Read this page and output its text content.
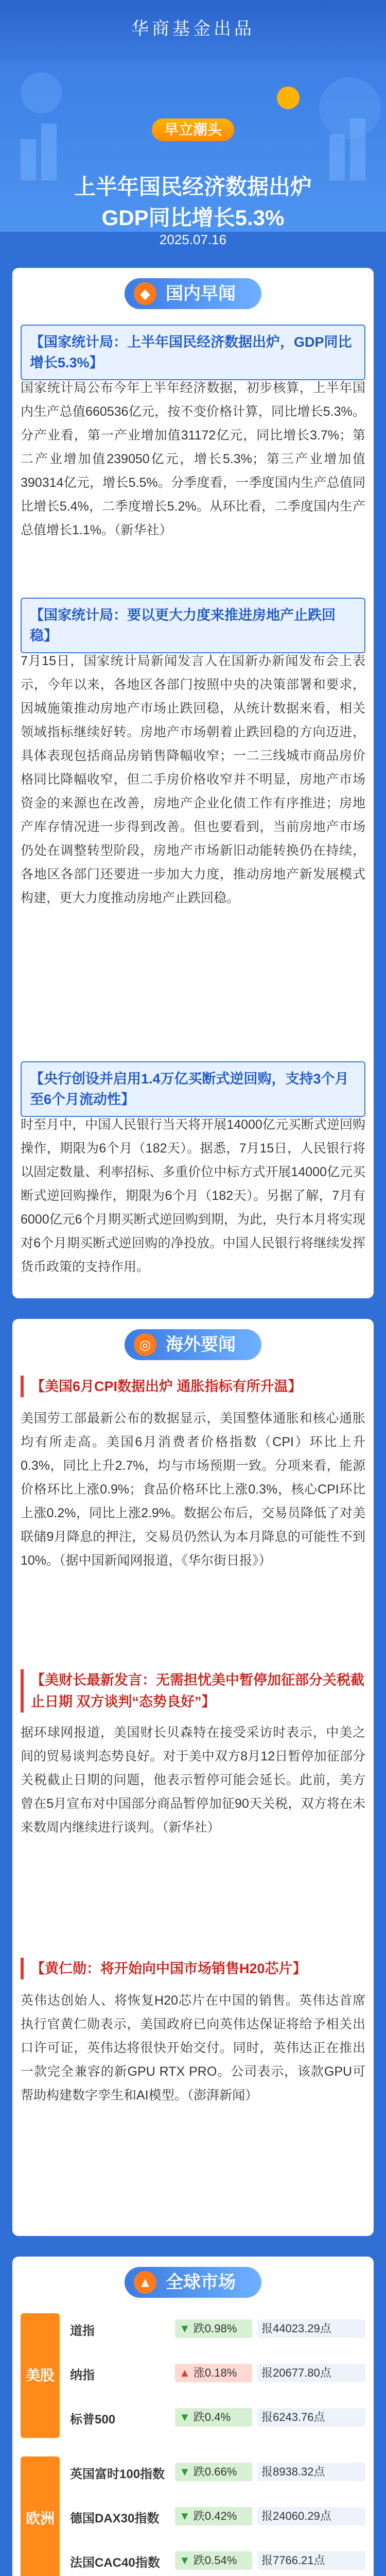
华商基金出品
早立潮头
上半年国民经济数据出炉
GDP同比增长5.3%
2025.07.16
◆ 国内早闻
【国家统计局：上半年国民经济数据出炉，GDP同比增长5.3%】
国家统计局公布今年上半年经济数据，初步核算，上半年国内生产总值660536亿元，按不变价格计算，同比增长5.3%。分产业看，第一产业增加值31172亿元，同比增长3.7%；第二产业增加值239050亿元，增长5.3%；第三产业增加值390314亿元，增长5.5%。分季度看，一季度国内生产总值同比增长5.4%，二季度增长5.2%。从环比看，二季度国内生产总值增长1.1%。（新华社）
【国家统计局：要以更大力度来推进房地产止跌回稳】
7月15日，国家统计局新闻发言人在国新办新闻发布会上表示，今年以来，各地区各部门按照中央的决策部署和要求，因城施策推动房地产市场止跌回稳，从统计数据来看，相关领域指标继续好转。房地产市场朝着止跌回稳的方向迈进，具体表现包括商品房销售降幅收窄；一二三线城市商品房价格同比降幅收窄，但二手房价格收窄并不明显，房地产市场资金的来源也在改善，房地产企业化债工作有序推进；房地产库存情况进一步得到改善。但也要看到，当前房地产市场仍处在调整转型阶段，房地产市场新旧动能转换仍在持续，各地区各部门还要进一步加大力度，推动房地产新发展模式构建，更大力度推动房地产止跌回稳。
【央行创设并启用1.4万亿买断式逆回购，支持3个月至6个月流动性】
时至月中，中国人民银行当天将开展14000亿元买断式逆回购操作，期限为6个月（182天）。据悉，7月15日，人民银行将以固定数量、利率招标、多重价位中标方式开展14000亿元买断式逆回购操作，期限为6个月（182天）。另据了解，7月有6000亿元6个月期买断式逆回购到期，为此，央行本月将实现对6个月期买断式逆回购的净投放。中国人民银行将继续发挥货币政策的支持作用。
◎ 海外要闻
【美国6月CPI数据出炉 通胀指标有所升温】
美国劳工部最新公布的数据显示，美国整体通胀和核心通胀均有所走高。美国6月消费者价格指数（CPI）环比上升0.3%，同比上升2.7%，均与市场预期一致。分项来看，能源价格环比上涨0.9%；食品价格环比上涨0.3%，核心CPI环比上涨0.2%，同比上涨2.9%。数据公布后，交易员降低了对美联储9月降息的押注，交易员仍然认为本月降息的可能性不到10%。（据中国新闻网报道，《华尔街日报》）
【美财长最新发言：无需担忧美中暂停加征部分关税截止日期 双方谈判“态势良好”】
据环球网报道，美国财长贝森特在接受采访时表示，中美之间的贸易谈判态势良好。对于美中双方8月12日暂停加征部分关税截止日期的问题，他表示暂停可能会延长。此前，美方曾在5月宣布对中国部分商品暂停加征90天关税，双方将在未来数周内继续进行谈判。（新华社）
【黄仁勋：将开始向中国市场销售H20芯片】
英伟达创始人、将恢复H20芯片在中国的销售。英伟达首席执行官黄仁勋表示，美国政府已向英伟达保证将给予相关出口许可证，英伟达将很快开始交付。同时，英伟达正在推出一款完全兼容的新GPU RTX PRO。公司表示，该款GPU可帮助构建数字孪生和AI模型。（澎湃新闻）
▲ 全球市场
美股
道指	▼ 跌0.98%	报44023.29点
纳指	▲ 涨0.18%	报20677.80点
标普500	▼ 跌0.4%	报6243.76点
欧洲
英国富时100指数	▼ 跌0.66%	报8938.32点
德国DAX30指数	▼ 跌0.42%	报24060.29点
法国CAC40指数	▼ 跌0.54%	报7766.21点
